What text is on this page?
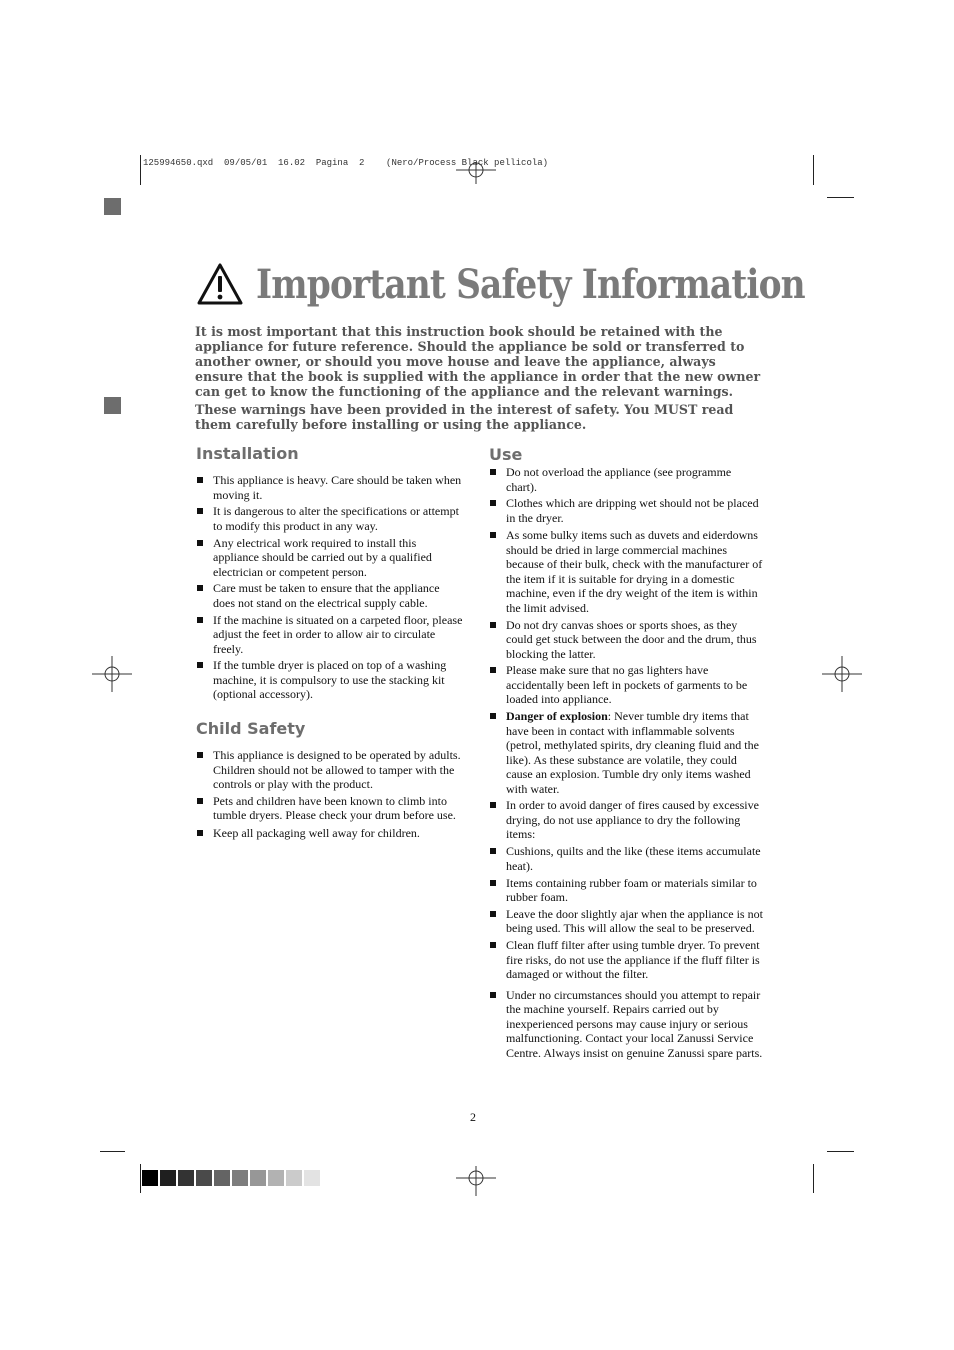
125994650.qxd  09/05/01  16.02  Pagina  2    (Nero/Process Black pellicola)
Important Safety Information

It is most important that this instruction book should be retained with the appliance for future reference. Should the appliance be sold or transferred to another owner, or should you move house and leave the appliance, always ensure that the book is supplied with the appliance in order that the new owner can get to know the functioning of the appliance and the relevant warnings.

These warnings have been provided in the interest of safety. You MUST read them carefully before installing or using the appliance.

Installation
This appliance is heavy. Care should be taken when moving it.
It is dangerous to alter the specifications or attempt to modify this product in any way.
Any electrical work required to install this appliance should be carried out by a qualified electrician or competent person.
Care must be taken to ensure that the appliance does not stand on the electrical supply cable.
If the machine is situated on a carpeted floor, please adjust the feet in order to allow air to circulate freely.
If the tumble dryer is placed on top of a washing machine, it is compulsory to use the stacking kit (optional accessory).
Child Safety
This appliance is designed to be operated by adults. Children should not be allowed to tamper with the controls or play with the product.
Pets and children have been known to climb into tumble dryers. Please check your drum before use.
Keep all packaging well away for children.
Use
Do not overload the appliance (see programme chart).
Clothes which are dripping wet should not be placed in the dryer.
As some bulky items such as duvets and eiderdowns should be dried in large commercial machines because of their bulk, check with the manufacturer of the item if it is suitable for drying in a domestic machine, even if the dry weight of the item is within the limit advised.
Do not dry canvas shoes or sports shoes, as they could get stuck between the door and the drum, thus blocking the latter.
Please make sure that no gas lighters have accidentally been left in pockets of garments to be loaded into appliance.
Danger of explosion: Never tumble dry items that have been in contact with inflammable solvents (petrol, methylated spirits, dry cleaning fluid and the like). As these substance are volatile, they could cause an explosion. Tumble dry only items washed with water.
In order to avoid danger of fires caused by excessive drying, do not use appliance to dry the following items:
Cushions, quilts and the like (these items accumulate heat).
Items containing rubber foam or materials similar to rubber foam.
Leave the door slightly ajar when the appliance is not being used. This will allow the seal to be preserved.
Clean fluff filter after using tumble dryer. To prevent fire risks, do not use the appliance if the fluff filter is damaged or without the filter.
Under no circumstances should you attempt to repair the machine yourself. Repairs carried out by inexperienced persons may cause injury or serious malfunctioning. Contact your local Zanussi Service Centre. Always insist on genuine Zanussi spare parts.
2
